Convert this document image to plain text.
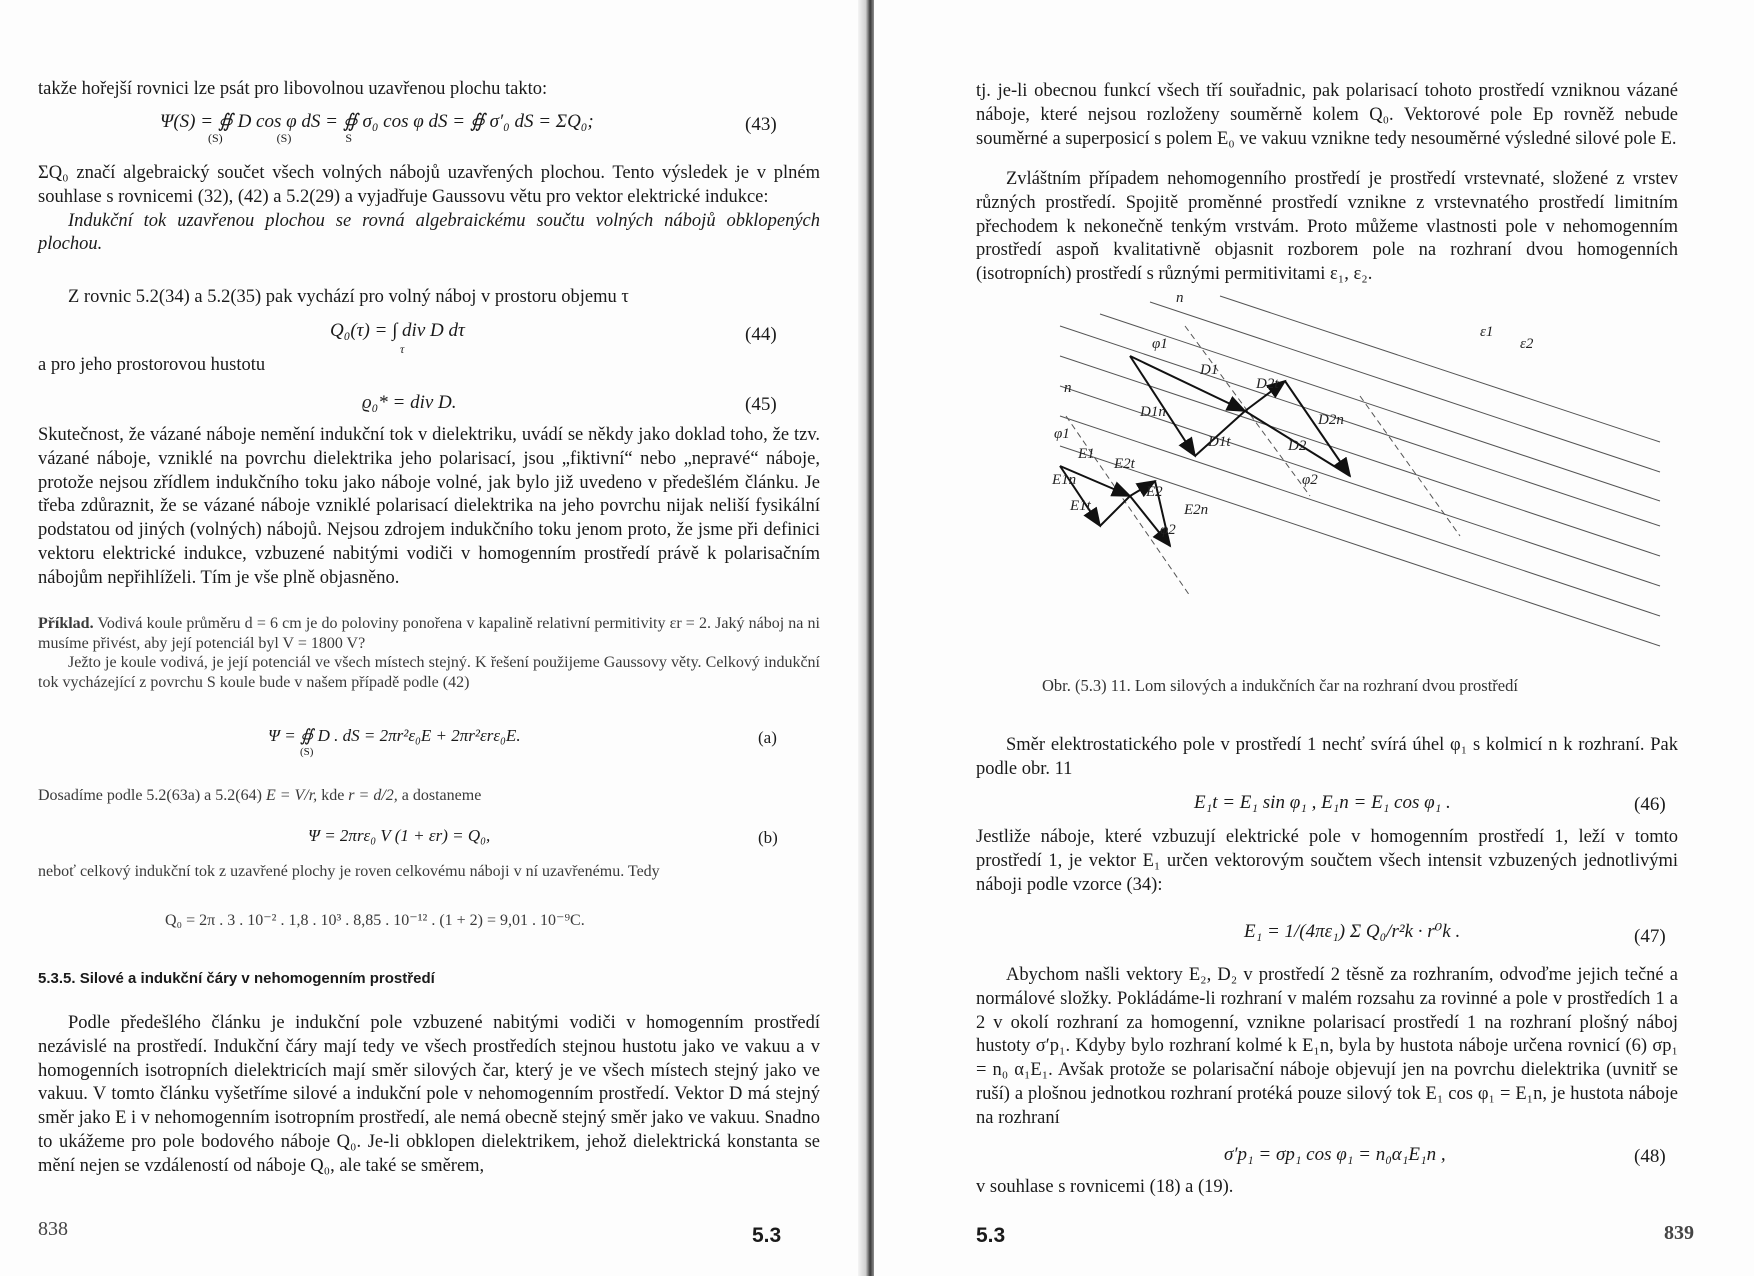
takže hořejší rovnici lze psát pro libovolnou uzavřenou plochu takto:
Ψ(S) = ∯ D cos φ dS = ∯ σ₀ cos φ dS = ∯ σ′₀ dS = ΣQ₀;
(S)                  (S)                  S
(43)

ΣQ₀ značí algebraický součet všech volných nábojů uzavřených plochou. Tento výsledek je v plném souhlase s rovnicemi (32), (42) a 5.2(29) a vyjadřuje Gaussovu větu pro vektor elektrické indukce:

Indukční tok uzavřenou plochou se rovná algebraickému součtu volných nábojů obklopených plochou.

Z rovnic 5.2(34) a 5.2(35) pak vychází pro volný náboj v prostoru objemu τ
Q₀(τ) = ∫ div D dτ
τ
(44)
a pro jeho prostorovou hustotu
ϱ₀* = div D.	(45)
Skutečnost, že vázané náboje nemění indukční tok v dielektriku, uvádí se někdy jako doklad toho, že tzv. vázané náboje, vzniklé na povrchu dielektrika jeho polarisací, jsou „fiktivní“ nebo „nepravé“ náboje, protože nejsou zřídlem indukčního toku jako náboje volné, jak bylo již uvedeno v předešlém článku. Je třeba zdůraznit, že se vázané náboje vzniklé polarisací dielektrika na jeho povrchu nijak neliší fysikální podstatou od jiných (volných) nábojů. Nejsou zdrojem indukčního toku jenom proto, že jsme při definici vektoru elektrické indukce, vzbuzené nabitými vodiči v homogenním prostředí právě k polarisačním nábojům nepřihlíželi. Tím je vše plně objasněno.

Příklad. Vodivá koule průměru d = 6 cm je do poloviny ponořena v kapalině relativní permitivity εr = 2. Jaký náboj na ni musíme přivést, aby její potenciál byl V = 1800 V?

Ježto je koule vodivá, je její potenciál ve všech místech stejný. K řešení použijeme Gaussovy věty. Celkový indukční tok vycházející z povrchu S koule bude v našem případě podle (42)

Ψ = ∯ D . dS = 2πr²ε₀E + 2πr²εrε₀E.
(S)
(a)
Dosadíme podle 5.2(63a) a 5.2(64) E = V/r, kde r = d/2, a dostaneme
Ψ = 2πrε₀ V (1 + εr) = Q₀,	(b)
neboť celkový indukční tok z uzavřené plochy je roven celkovému náboji v ní uzavřenému. Tedy
Q₀ = 2π . 3 . 10⁻² . 1,8 . 10³ . 8,85 . 10⁻¹² . (1 + 2) = 9,01 . 10⁻⁹C.
5.3.5. Silové a indukční čáry v nehomogenním prostředí
Podle předešlého článku je indukční pole vzbuzené nabitými vodiči v homogenním prostředí nezávislé na prostředí. Indukční čáry mají tedy ve všech prostředích stejnou hustotu jako ve vakuu a v homogenních isotropních dielektricích mají směr silových čar, který je ve všech místech stejný jako ve vakuu. V tomto článku vyšetříme silové a indukční pole v nehomogenním prostředí. Vektor D má stejný směr jako E i v nehomogenním isotropním prostředí, ale nemá obecně stejný směr jako ve vakuu. Snadno to ukážeme pro pole bodového náboje Q₀. Je-li obklopen dielektrikem, jehož dielektrická konstanta se mění nejen se vzdáleností od náboje Q₀, ale také se směrem,
838	5.3
tj. je-li obecnou funkcí všech tří souřadnic, pak polarisací tohoto prostředí vzniknou vázané náboje, které nejsou rozloženy souměrně kolem Q₀. Vektorové pole Ep rovněž nebude souměrné a superposicí s polem E₀ ve vakuu vznikne tedy nesouměrné výsledné silové pole E.
Zvláštním případem nehomogenního prostředí je prostředí vrstevnaté, složené z vrstev různých prostředí. Spojitě proměnné prostředí vznikne z vrstevnatého prostředí limitním přechodem k nekonečně tenkým vrstvám. Proto můžeme vlastnosti pole v nehomogenním prostředí aspoň kvalitativně objasnit rozborem pole na rozhraní dvou homogenních (isotropních) prostředí s různými permitivitami ε₁, ε₂.
Obr. (5.3) 11. Lom silových a indukčních čar na rozhraní dvou prostředí
Směr elektrostatického pole v prostředí 1 nechť svírá úhel φ₁ s kolmicí n k rozhraní. Pak podle obr. 11
E₁t = E₁ sin φ₁ , E₁n = E₁ cos φ₁ .	(46)
Jestliže náboje, které vzbuzují elektrické pole v homogenním prostředí 1, leží v tomto prostředí 1, je vektor E₁ určen vektorovým součtem všech intensit vzbuzených jednotlivými náboji podle vzorce (34):
E₁ = 1/(4πε₁) Σ Q₀/r²k · r⁰k .	(47)
Abychom našli vektory E₂, D₂ v prostředí 2 těsně za rozhraním, odvoďme jejich tečné a normálové složky. Pokládáme-li rozhraní v malém rozsahu za rovinné a pole v prostředích 1 a 2 v okolí rozhraní za homogenní, vznikne polarisací prostředí 1 na rozhraní plošný náboj hustoty σ′p₁. Kdyby bylo rozhraní kolmé k E₁n, byla by hustota náboje určena rovnicí (6) σp₁ = n₀ α₁E₁. Avšak protože se polarisační náboje objevují jen na povrchu dielektrika (uvnitř se ruší) a plošnou jednotkou rozhraní protéká pouze silový tok E₁ cos φ₁ = E₁n, je hustota náboje na rozhraní
σ′p₁ = σp₁ cos φ₁ = n₀α₁E₁n ,	(48)
v souhlase s rovnicemi (18) a (19).
5.3	839
n
n
ε1
ε2
φ1
φ1
φ2
φ2
D1
D1n
D1t
D2t
D2n
D2
E1
E1n
E1t
E2t
E2
E2n
